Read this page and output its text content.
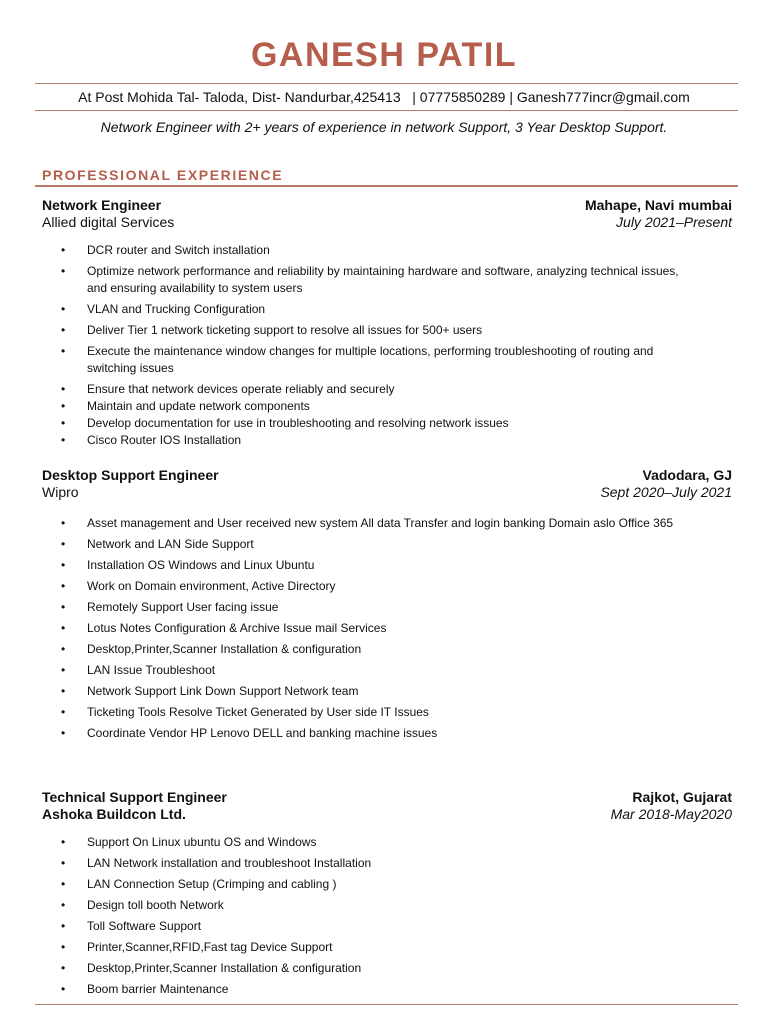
GANESH PATIL
At Post Mohida Tal- Taloda, Dist- Nandurbar,425413   | 07775850289 | Ganesh777incr@gmail.com
Network Engineer with 2+ years of experience in network Support, 3 Year Desktop Support.
PROFESSIONAL EXPERIENCE
Network Engineer	Mahape, Navi mumbai
Allied digital Services	July 2021–Present
• DCR router and Switch installation
• Optimize network performance and reliability by maintaining hardware and software, analyzing technical issues, and ensuring availability to system users
• VLAN and Trucking Configuration
• Deliver Tier 1 network ticketing support to resolve all issues for 500+ users
• Execute the maintenance window changes for multiple locations, performing troubleshooting of routing and switching issues
• Ensure that network devices operate reliably and securely
• Maintain and update network components
• Develop documentation for use in troubleshooting and resolving network issues
• Cisco Router IOS Installation
Desktop Support Engineer	Vadodara, GJ
Wipro	Sept 2020–July 2021
• Asset management and User received new system All data Transfer and login banking Domain aslo Office 365
• Network and LAN Side Support
• Installation OS Windows and Linux Ubuntu
• Work on Domain environment, Active Directory
• Remotely Support User facing issue
• Lotus Notes Configuration & Archive Issue mail Services
• Desktop,Printer,Scanner Installation & configuration
• LAN Issue Troubleshoot
• Network Support Link Down Support Network team
• Ticketing Tools Resolve Ticket Generated by User side IT Issues
• Coordinate Vendor HP Lenovo DELL and banking machine issues
Technical Support Engineer	Rajkot, Gujarat
Ashoka Buildcon Ltd.	Mar 2018-May2020
• Support On Linux ubuntu OS and Windows
• LAN Network installation and troubleshoot Installation
• LAN Connection Setup (Crimping and cabling )
• Design toll booth Network
• Toll Software Support
• Printer,Scanner,RFID,Fast tag Device Support
• Desktop,Printer,Scanner Installation & configuration
• Boom barrier Maintenance
